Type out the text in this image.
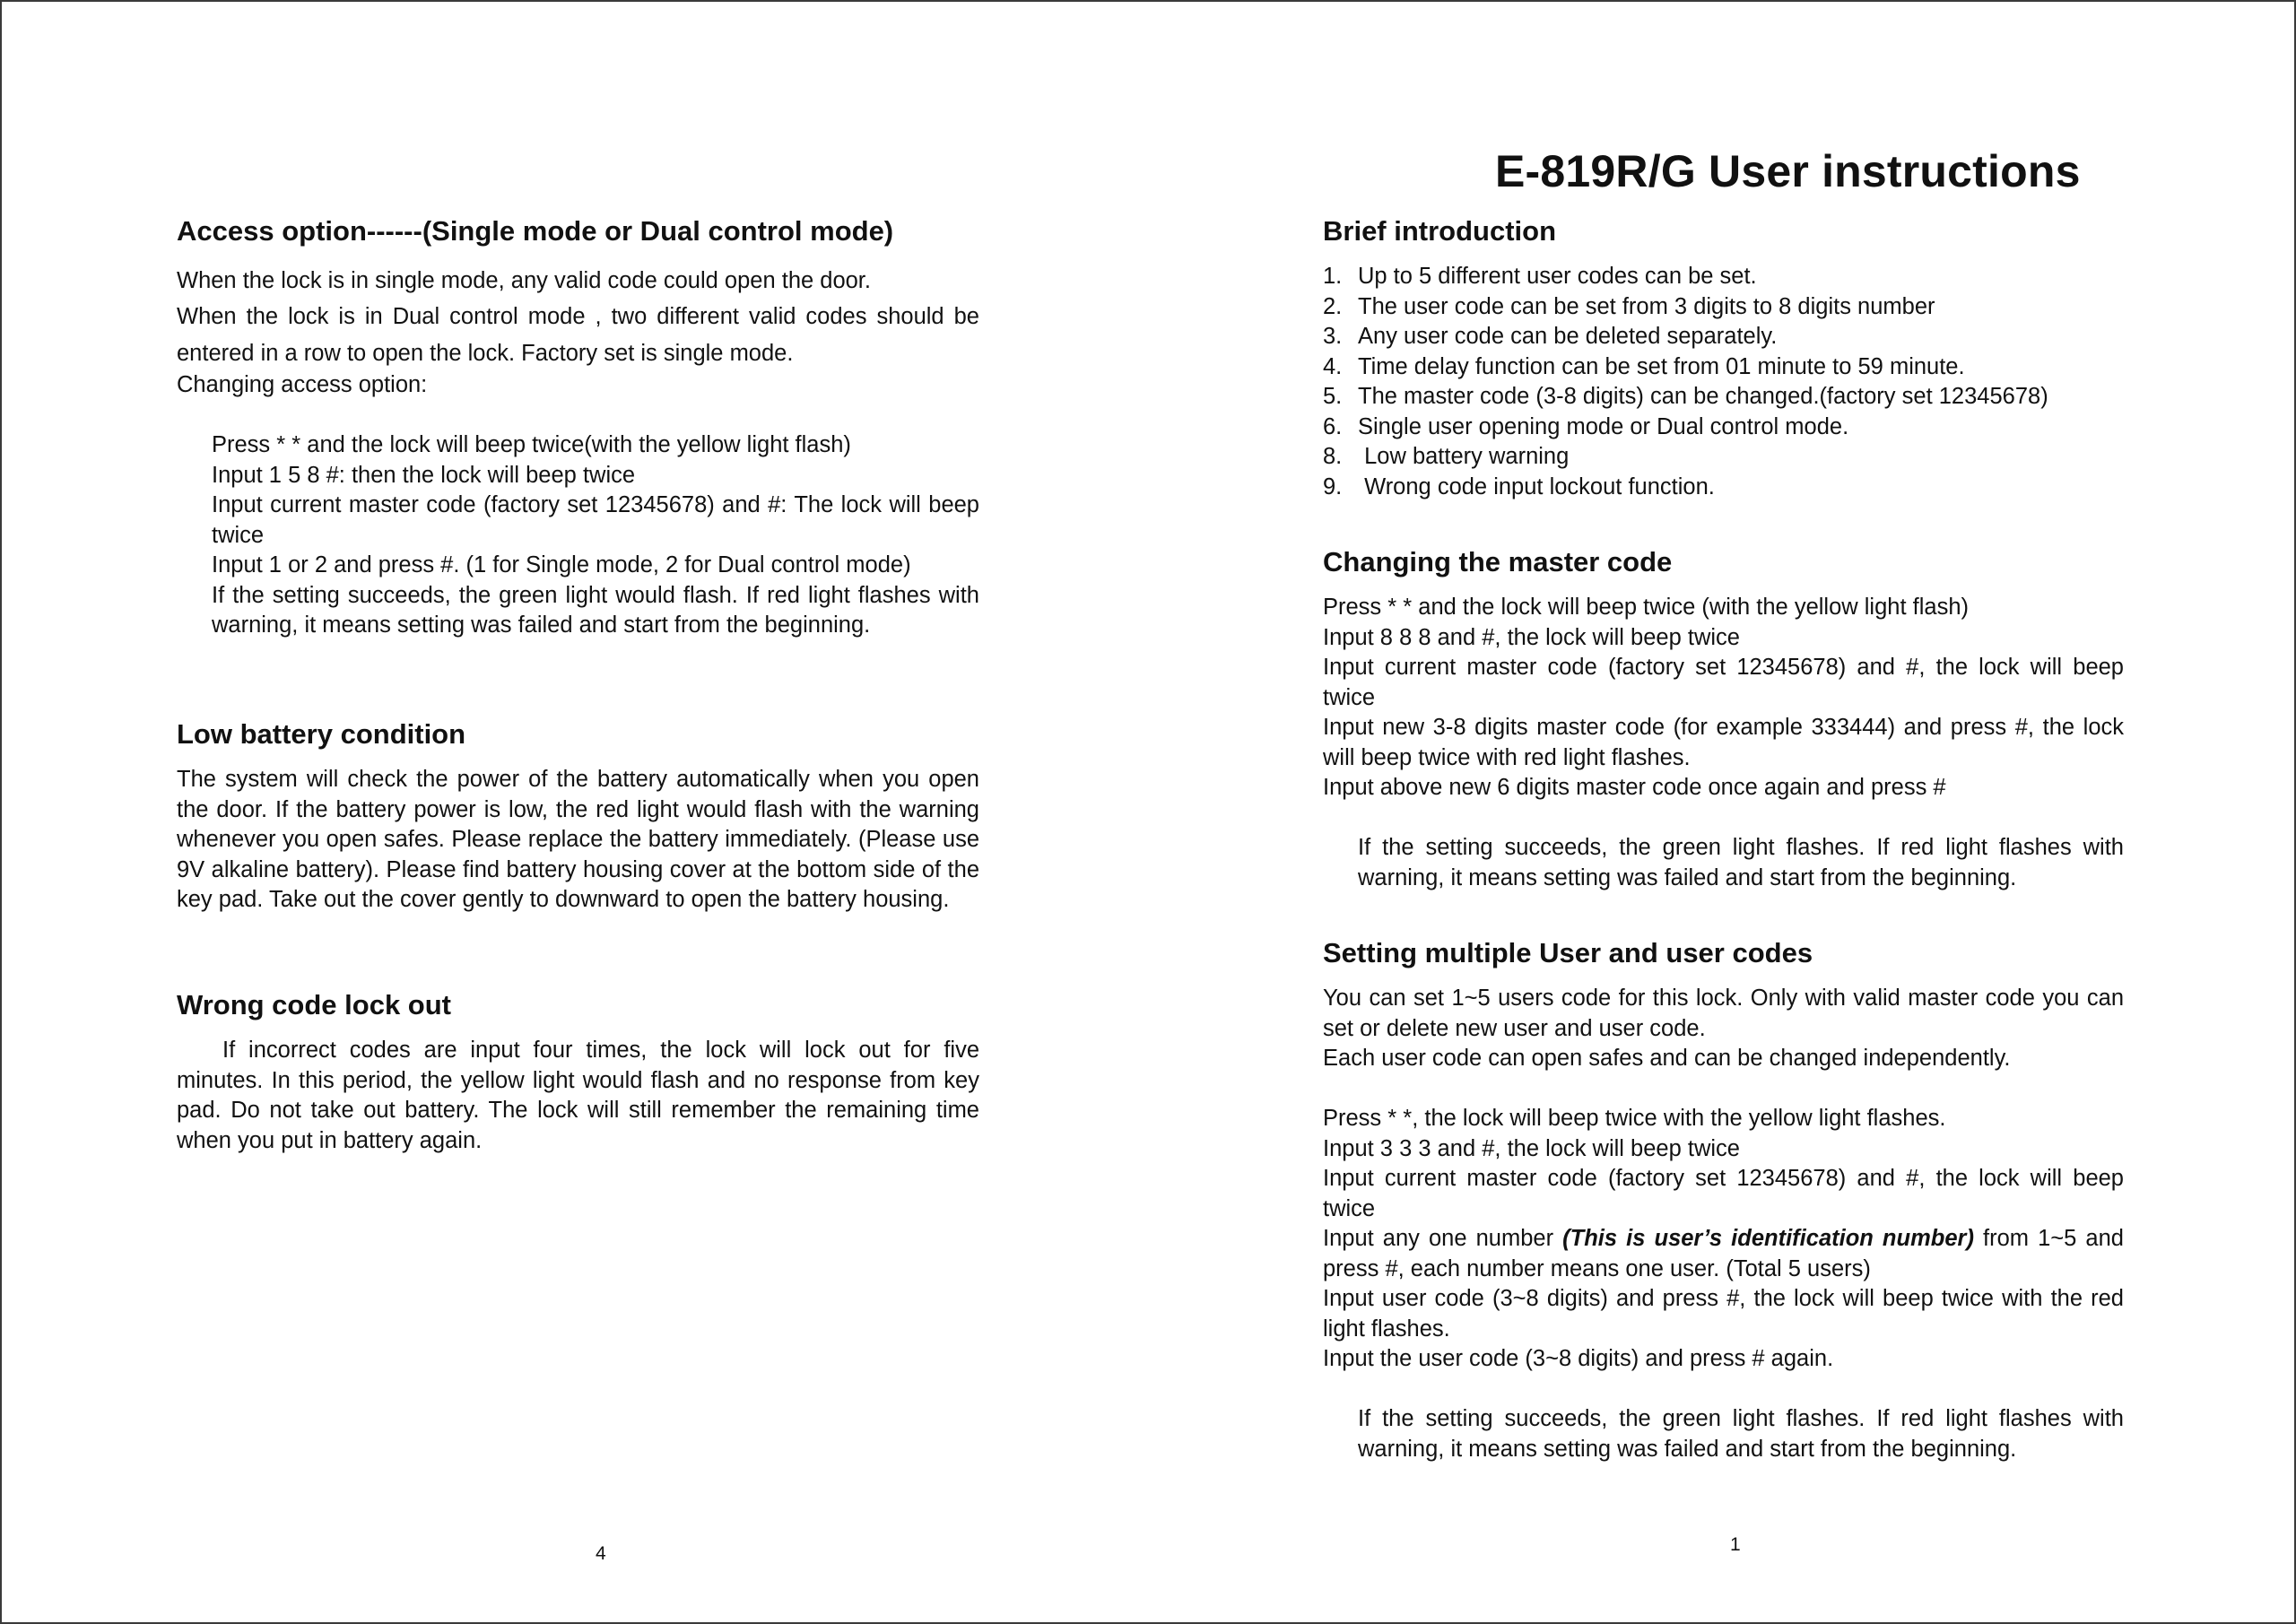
Access option------(Single mode or Dual control mode)

When the lock is in single mode, any valid code could open the door.

When the lock is in Dual control mode , two different valid codes should be

entered in a row to open the lock. Factory set is single mode.

Changing access option:

Press * * and the lock will beep twice(with the yellow light flash)

Input 1 5 8 #: then the lock will beep twice

Input current master code (factory set 12345678) and #: The lock will beep twice

Input 1 or 2 and press #. (1 for Single mode, 2 for Dual control mode)

If the setting succeeds, the green light would flash. If red light flashes with warning, it means setting was failed and start from the beginning.

Low battery condition

The system will check the power of the battery automatically when you open the door. If the battery power is low, the red light would flash with the warning whenever you open safes. Please replace the battery immediately. (Please use 9V alkaline battery). Please find battery housing cover at the bottom side of the key pad. Take out the cover gently to downward to open the battery housing.

Wrong code lock out

If incorrect codes are input four times, the lock will lock out for five minutes. In this period, the yellow light would flash and no response from key pad. Do not take out battery. The lock will still remember the remaining time when you put in battery again.

4
E-819R/G User instructions
Brief introduction
1. Up to 5 different user codes can be set.
2. The user code can be set from 3 digits to 8 digits number
3. Any user code can be deleted separately.
4. Time delay function can be set from 01 minute to 59 minute.
5. The master code (3-8 digits) can be changed.(factory set 12345678)
6. Single user opening mode or Dual control mode.
8. Low battery warning
9. Wrong code input lockout function.
Changing the master code

Press * * and the lock will beep twice (with the yellow light flash)

Input 8 8 8 and #, the lock will beep twice

Input current master code (factory set 12345678) and #, the lock will beep twice

Input new 3-8 digits master code (for example 333444) and press #, the lock will beep twice with red light flashes.

Input above new 6 digits master code once again and press #

If the setting succeeds, the green light flashes. If red light flashes with warning, it means setting was failed and start from the beginning.

Setting multiple User and user codes

You can set 1~5 users code for this lock. Only with valid master code you can set or delete new user and user code.

Each user code can open safes and can be changed independently.

Press * *, the lock will beep twice with the yellow light flashes.

Input 3 3 3 and #, the lock will beep twice

Input current master code (factory set 12345678) and #, the lock will beep twice

Input any one number (This is user’s identification number) from 1~5 and press #, each number means one user. (Total 5 users)

Input user code (3~8 digits) and press #, the lock will beep twice with the red light flashes.

Input the user code (3~8 digits) and press # again.

If the setting succeeds, the green light flashes. If red light flashes with warning, it means setting was failed and start from the beginning.

1
